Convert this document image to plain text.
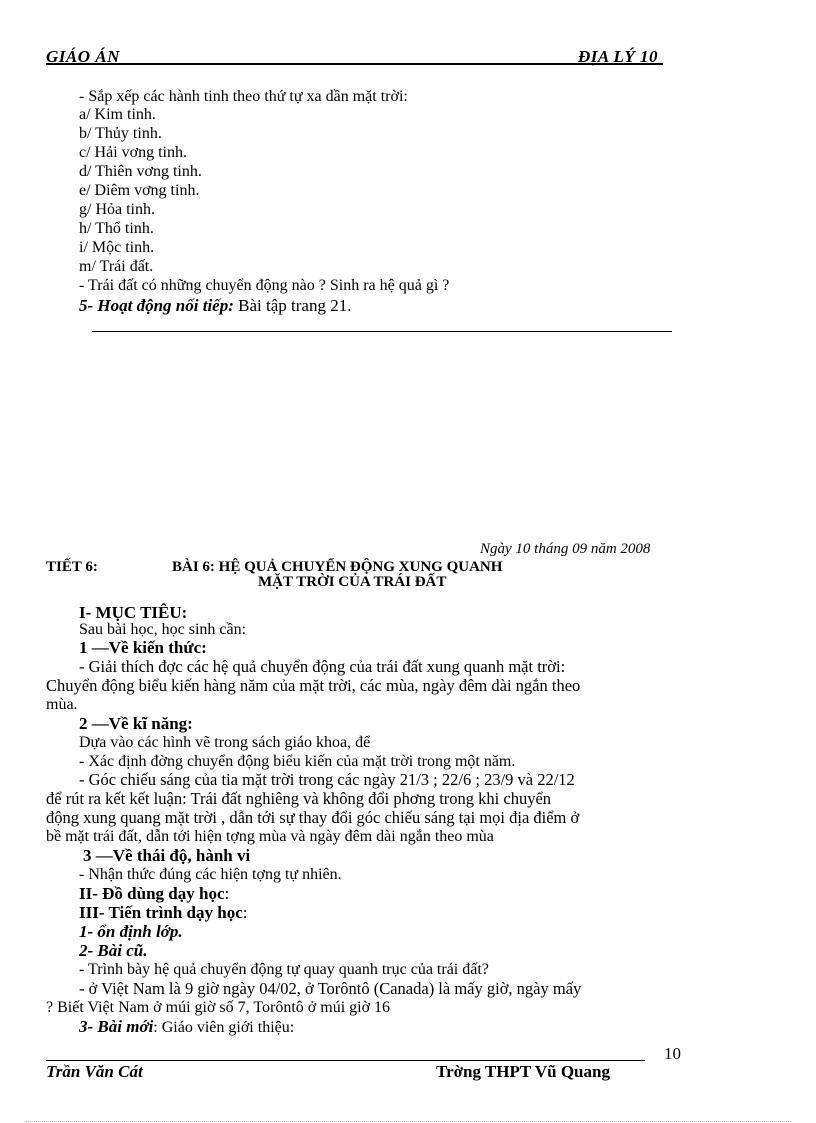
GIÁO ÁN	ĐỊA LÝ 10
- Sắp xếp các hành tinh theo thứ tự xa dần mặt trời:
a/ Kim tinh.
b/ Thủy tinh.
c/ Hải vơng tinh.
d/ Thiên vơng tinh.
e/ Diêm vơng tinh.
g/ Hỏa tinh.
h/ Thổ tinh.
i/ Mộc tinh.
m/ Trái đất.
- Trái đất có những chuyển động nào ? Sinh ra hệ quả gì ?
5- Hoạt động nối tiếp: Bài tập trang 21.
Ngày 10 tháng 09 năm 2008
TIẾT 6:	BÀI 6: HỆ QUẢ CHUYỂN ĐỘNG XUNG QUANH
MẶT TRỜI CỦA TRÁI ĐẤT
I- MỤC TIÊU:
Sau bài học, học sinh cần:
1 —Về kiến thức:
- Giải thích đợc các hệ quả chuyển động của trái đất xung quanh mặt trời:
Chuyển động biểu kiến hàng năm của mặt trời, các mùa, ngày đêm dài ngắn theo
mùa.
2 —Về kĩ năng:
Dựa vào các hình vẽ trong sách giáo khoa, để
- Xác định đờng chuyển động biểu kiến của mặt trời trong một năm.
- Góc chiếu sáng của tia mặt trời trong các ngày 21/3 ; 22/6 ; 23/9 và 22/12
để rút ra kết kết luận: Trái đất nghiêng và không đổi phơng trong khi chuyển
động xung quang mặt trời , dẫn tới sự thay đổi góc chiếu sáng tại mọi địa điểm ở
bề mặt trái đất, dẫn tới hiện tợng mùa và ngày đêm dài ngắn theo mùa
3 —Về thái độ, hành vi
- Nhận thức đúng các hiện tợng tự nhiên.
II- Đồ dùng dạy học:
III- Tiến trình dạy học:
1- ổn định lớp.
2- Bài cũ.
- Trình bày hệ quả chuyển động tự quay quanh trục của trái đất?
- ở Việt Nam là 9 giờ ngày 04/02, ở Torôntô (Canada) là mấy giờ, ngày mấy
? Biết Việt Nam ở múi giờ số 7, Torôntô ở múi giờ 16
3- Bài mới: Giáo viên giới thiệu:
10
Trần Văn Cát	Trờng THPT Vũ Quang
